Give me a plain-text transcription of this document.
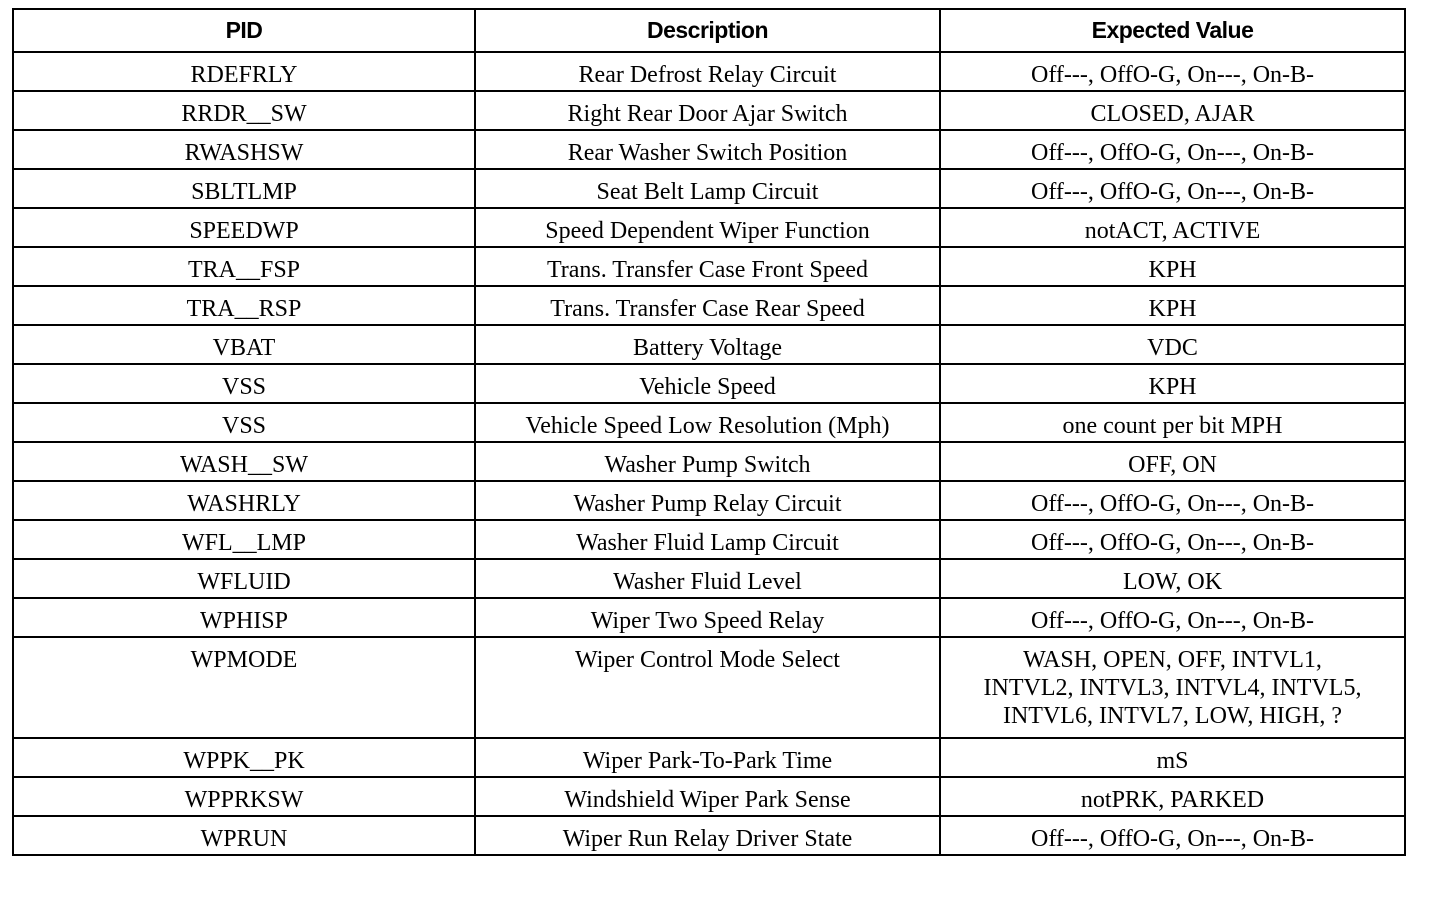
PID	Description	Expected Value
RDEFRLY	Rear Defrost Relay Circuit	Off---, OffO-G, On---, On-B-
RRDR__SW	Right Rear Door Ajar Switch	CLOSED, AJAR
RWASHSW	Rear Washer Switch Position	Off---, OffO-G, On---, On-B-
SBLTLMP	Seat Belt Lamp Circuit	Off---, OffO-G, On---, On-B-
SPEEDWP	Speed Dependent Wiper Function	notACT, ACTIVE
TRA__FSP	Trans. Transfer Case Front Speed	KPH
TRA__RSP	Trans. Transfer Case Rear Speed	KPH
VBAT	Battery Voltage	VDC
VSS	Vehicle Speed	KPH
VSS	Vehicle Speed Low Resolution (Mph)	one count per bit MPH
WASH__SW	Washer Pump Switch	OFF, ON
WASHRLY	Washer Pump Relay Circuit	Off---, OffO-G, On---, On-B-
WFL__LMP	Washer Fluid Lamp Circuit	Off---, OffO-G, On---, On-B-
WFLUID	Washer Fluid Level	LOW, OK
WPHISP	Wiper Two Speed Relay	Off---, OffO-G, On---, On-B-
WPMODE	Wiper Control Mode Select	WASH, OPEN, OFF, INTVL1,
INTVL2, INTVL3, INTVL4, INTVL5,
INTVL6, INTVL7, LOW, HIGH, ?
WPPK__PK	Wiper Park-To-Park Time	mS
WPPRKSW	Windshield Wiper Park Sense	notPRK, PARKED
WPRUN	Wiper Run Relay Driver State	Off---, OffO-G, On---, On-B-
